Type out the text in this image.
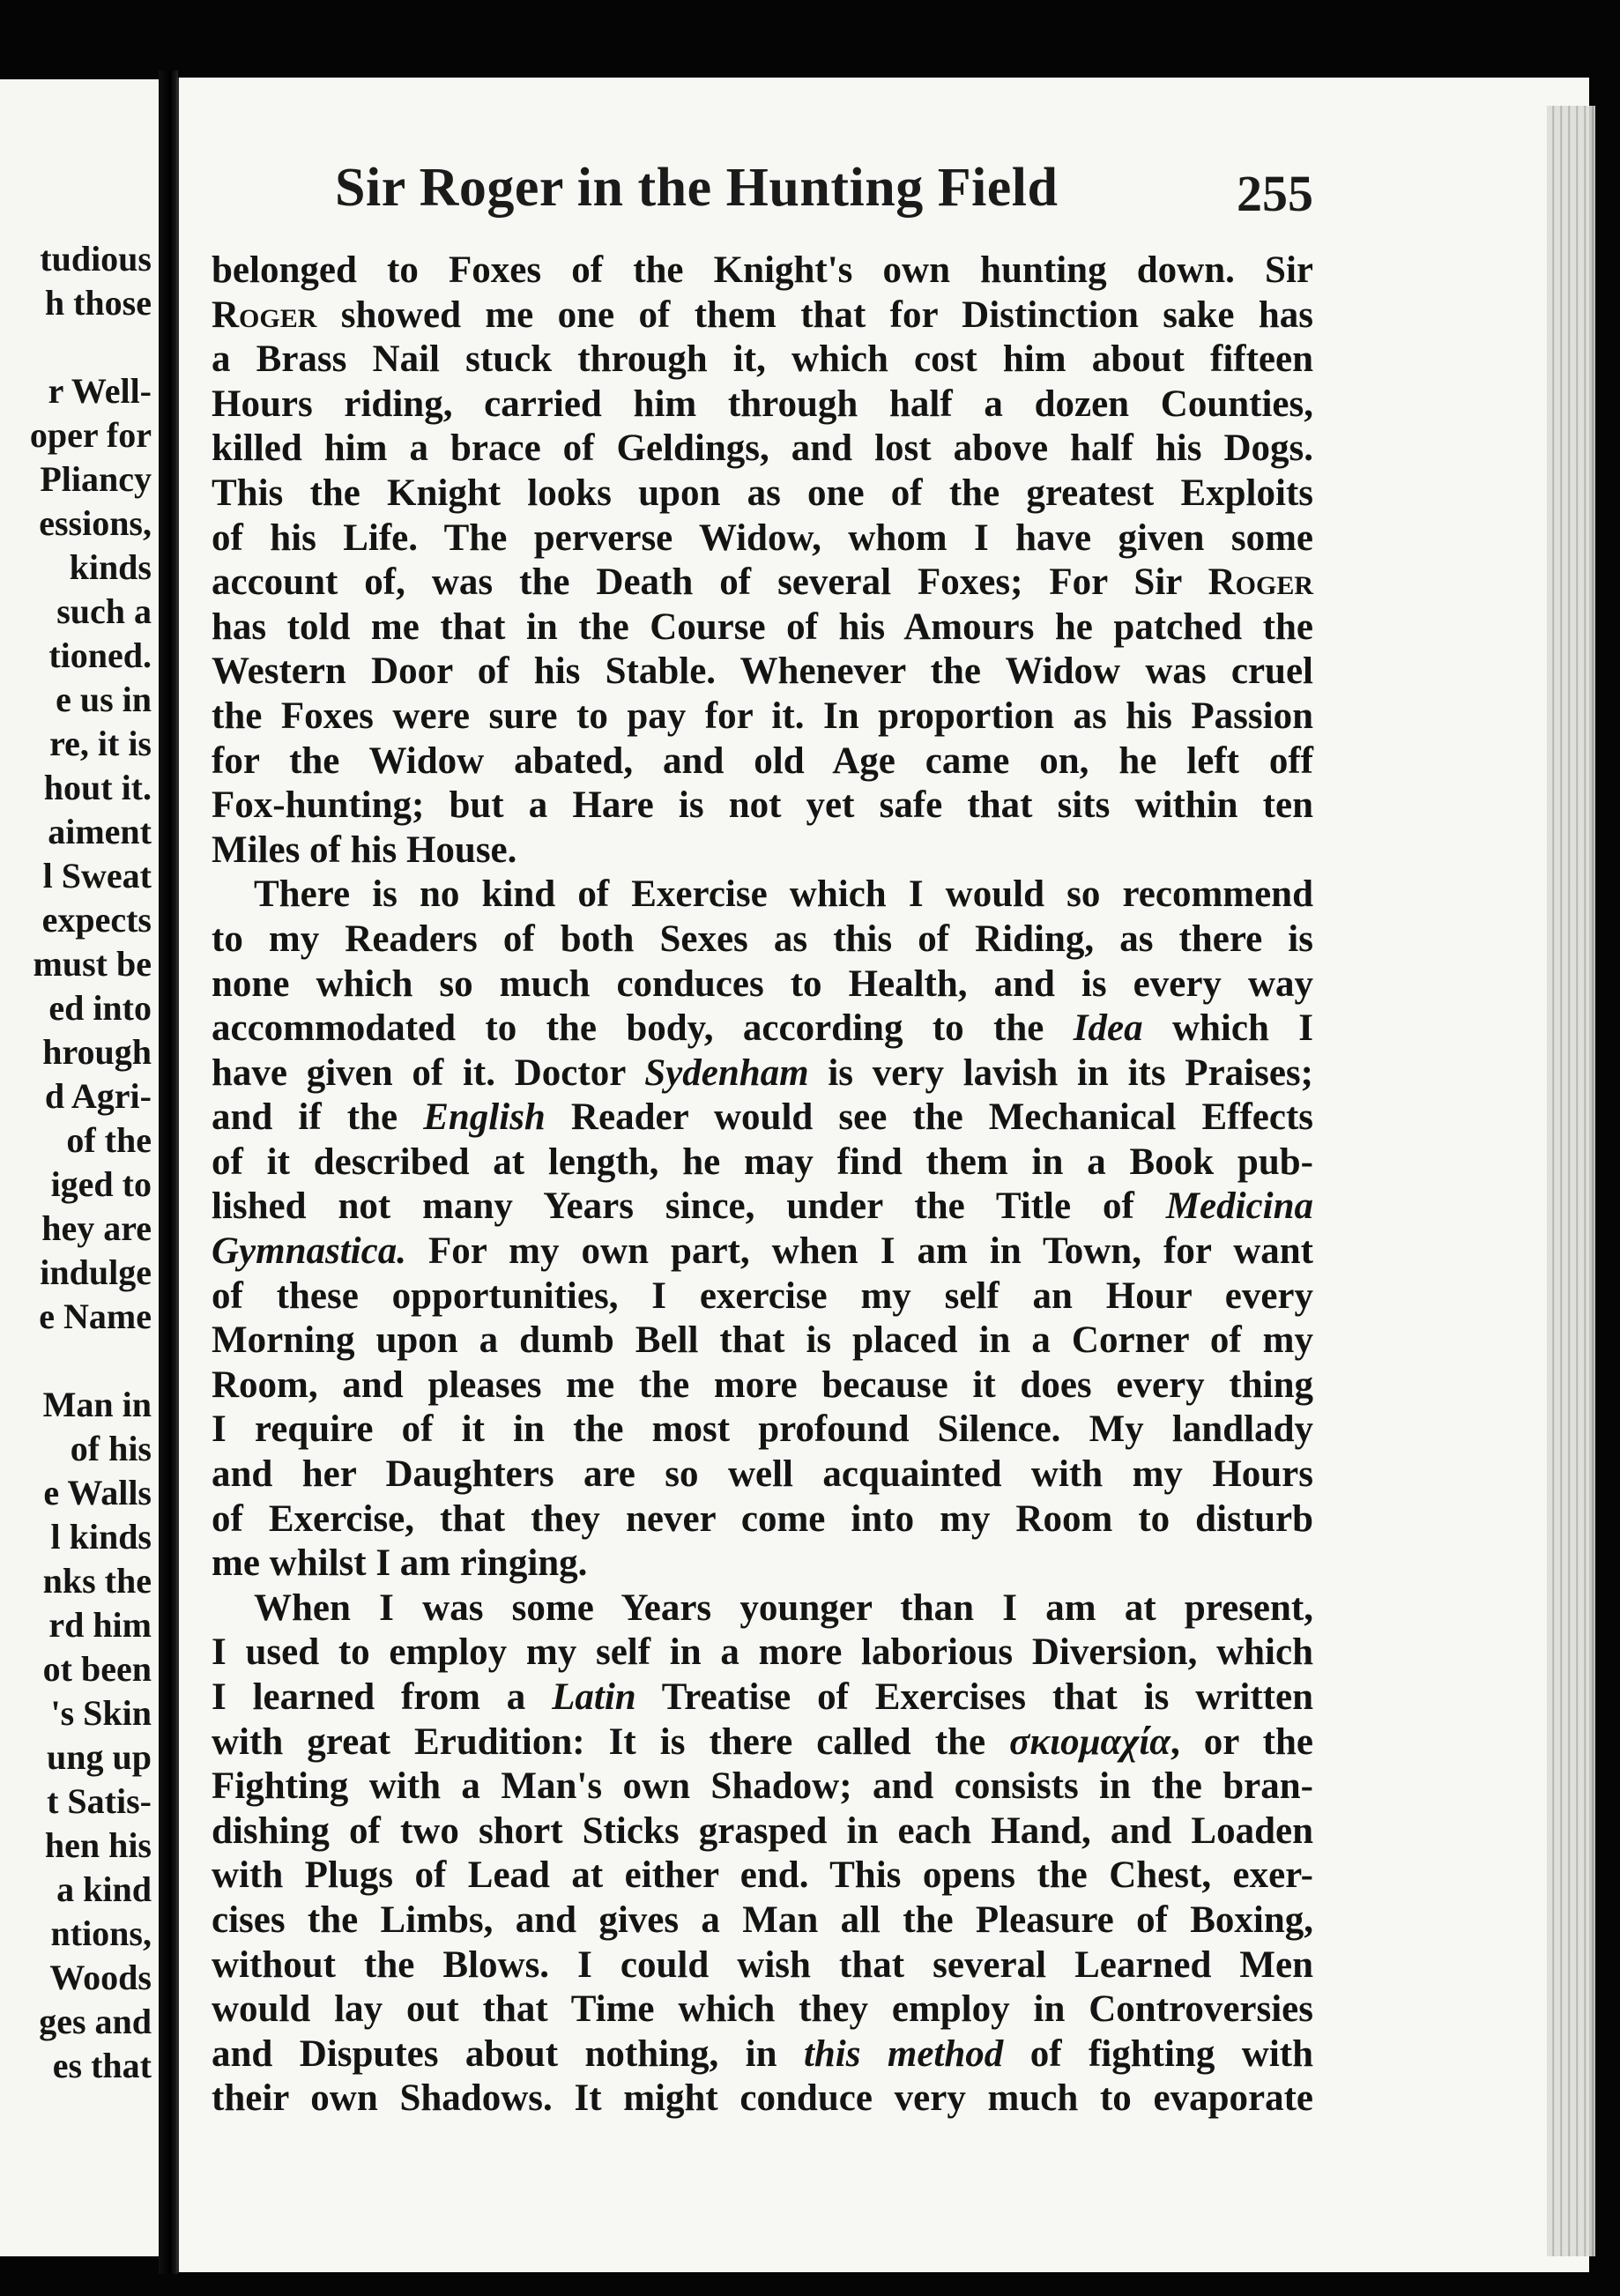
tudious
h those
r Well-
oper for
Pliancy
essions,
kinds
such a
tioned.
e us in
re, it is
hout it.
aiment
l Sweat
expects
must be
ed into
hrough
d Agri-
of the
iged to
hey are
indulge
e Name
Man in
of his
e Walls
l kinds
nks the
rd him
ot been
's Skin
ung up
t Satis-
hen his
a kind
ntions,
Woods
ges and
es that
Sir Roger in the Hunting Field	255
belonged to Foxes of the Knight's own hunting down. Sir
Roger showed me one of them that for Distinction sake has
a Brass Nail stuck through it, which cost him about fifteen
Hours riding, carried him through half a dozen Counties,
killed him a brace of Geldings, and lost above half his Dogs.
This the Knight looks upon as one of the greatest Exploits
of his Life. The perverse Widow, whom I have given some
account of, was the Death of several Foxes; For Sir Roger
has told me that in the Course of his Amours he patched the
Western Door of his Stable. Whenever the Widow was cruel
the Foxes were sure to pay for it. In proportion as his Passion
for the Widow abated, and old Age came on, he left off
Fox-hunting; but a Hare is not yet safe that sits within ten
Miles of his House.
There is no kind of Exercise which I would so recommend
to my Readers of both Sexes as this of Riding, as there is
none which so much conduces to Health, and is every way
accommodated to the body, according to the Idea which I
have given of it. Doctor Sydenham is very lavish in its Praises;
and if the English Reader would see the Mechanical Effects
of it described at length, he may find them in a Book pub-
lished not many Years since, under the Title of Medicina
Gymnastica. For my own part, when I am in Town, for want
of these opportunities, I exercise my self an Hour every
Morning upon a dumb Bell that is placed in a Corner of my
Room, and pleases me the more because it does every thing
I require of it in the most profound Silence. My landlady
and her Daughters are so well acquainted with my Hours
of Exercise, that they never come into my Room to disturb
me whilst I am ringing.
When I was some Years younger than I am at present,
I used to employ my self in a more laborious Diversion, which
I learned from a Latin Treatise of Exercises that is written
with great Erudition: It is there called the σκιομαχία, or the
Fighting with a Man's own Shadow; and consists in the bran-
dishing of two short Sticks grasped in each Hand, and Loaden
with Plugs of Lead at either end. This opens the Chest, exer-
cises the Limbs, and gives a Man all the Pleasure of Boxing,
without the Blows. I could wish that several Learned Men
would lay out that Time which they employ in Controversies
and Disputes about nothing, in this method of fighting with
their own Shadows. It might conduce very much to evaporate
